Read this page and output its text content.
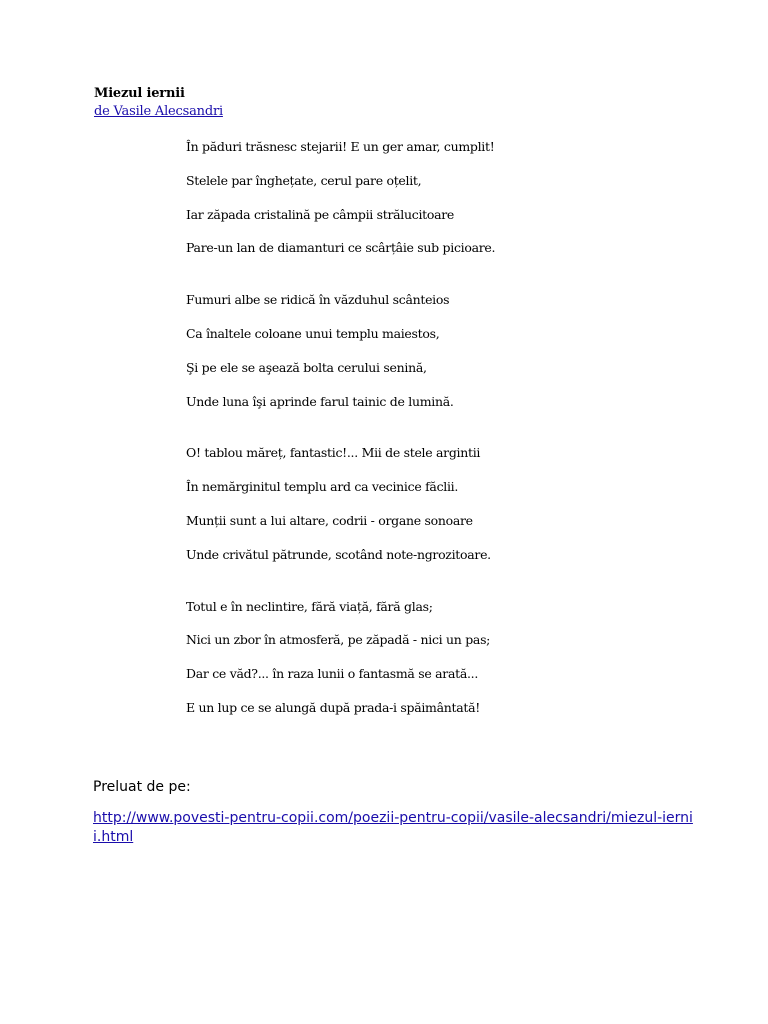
Miezul iernii
de Vasile Alecsandri
În păduri trăsnesc stejarii! E un ger amar, cumplit!
Stelele par înghețate, cerul pare oțelit,
Iar zăpada cristalină pe câmpii strălucitoare
Pare-un lan de diamanturi ce scârțâie sub picioare.
Fumuri albe se ridică în văzduhul scânteios
Ca înaltele coloane unui templu maiestos,
Şi pe ele se aşează bolta cerului senină,
Unde luna îşi aprinde farul tainic de lumină.
O! tablou măreț, fantastic!... Mii de stele argintii
În nemărginitul templu ard ca vecinice făclii.
Munții sunt a lui altare, codrii - organe sonoare
Unde crivătul pătrunde, scotând note-ngrozitoare.
Totul e în neclintire, fără viață, fără glas;
Nici un zbor în atmosferă, pe zăpadă - nici un pas;
Dar ce văd?... în raza lunii o fantasmă se arată...
E un lup ce se alungă după prada-i spăimântată!
Preluat de pe:
http://www.povesti-pentru-copii.com/poezii-pentru-copii/vasile-alecsandri/miezul-iernii.html
